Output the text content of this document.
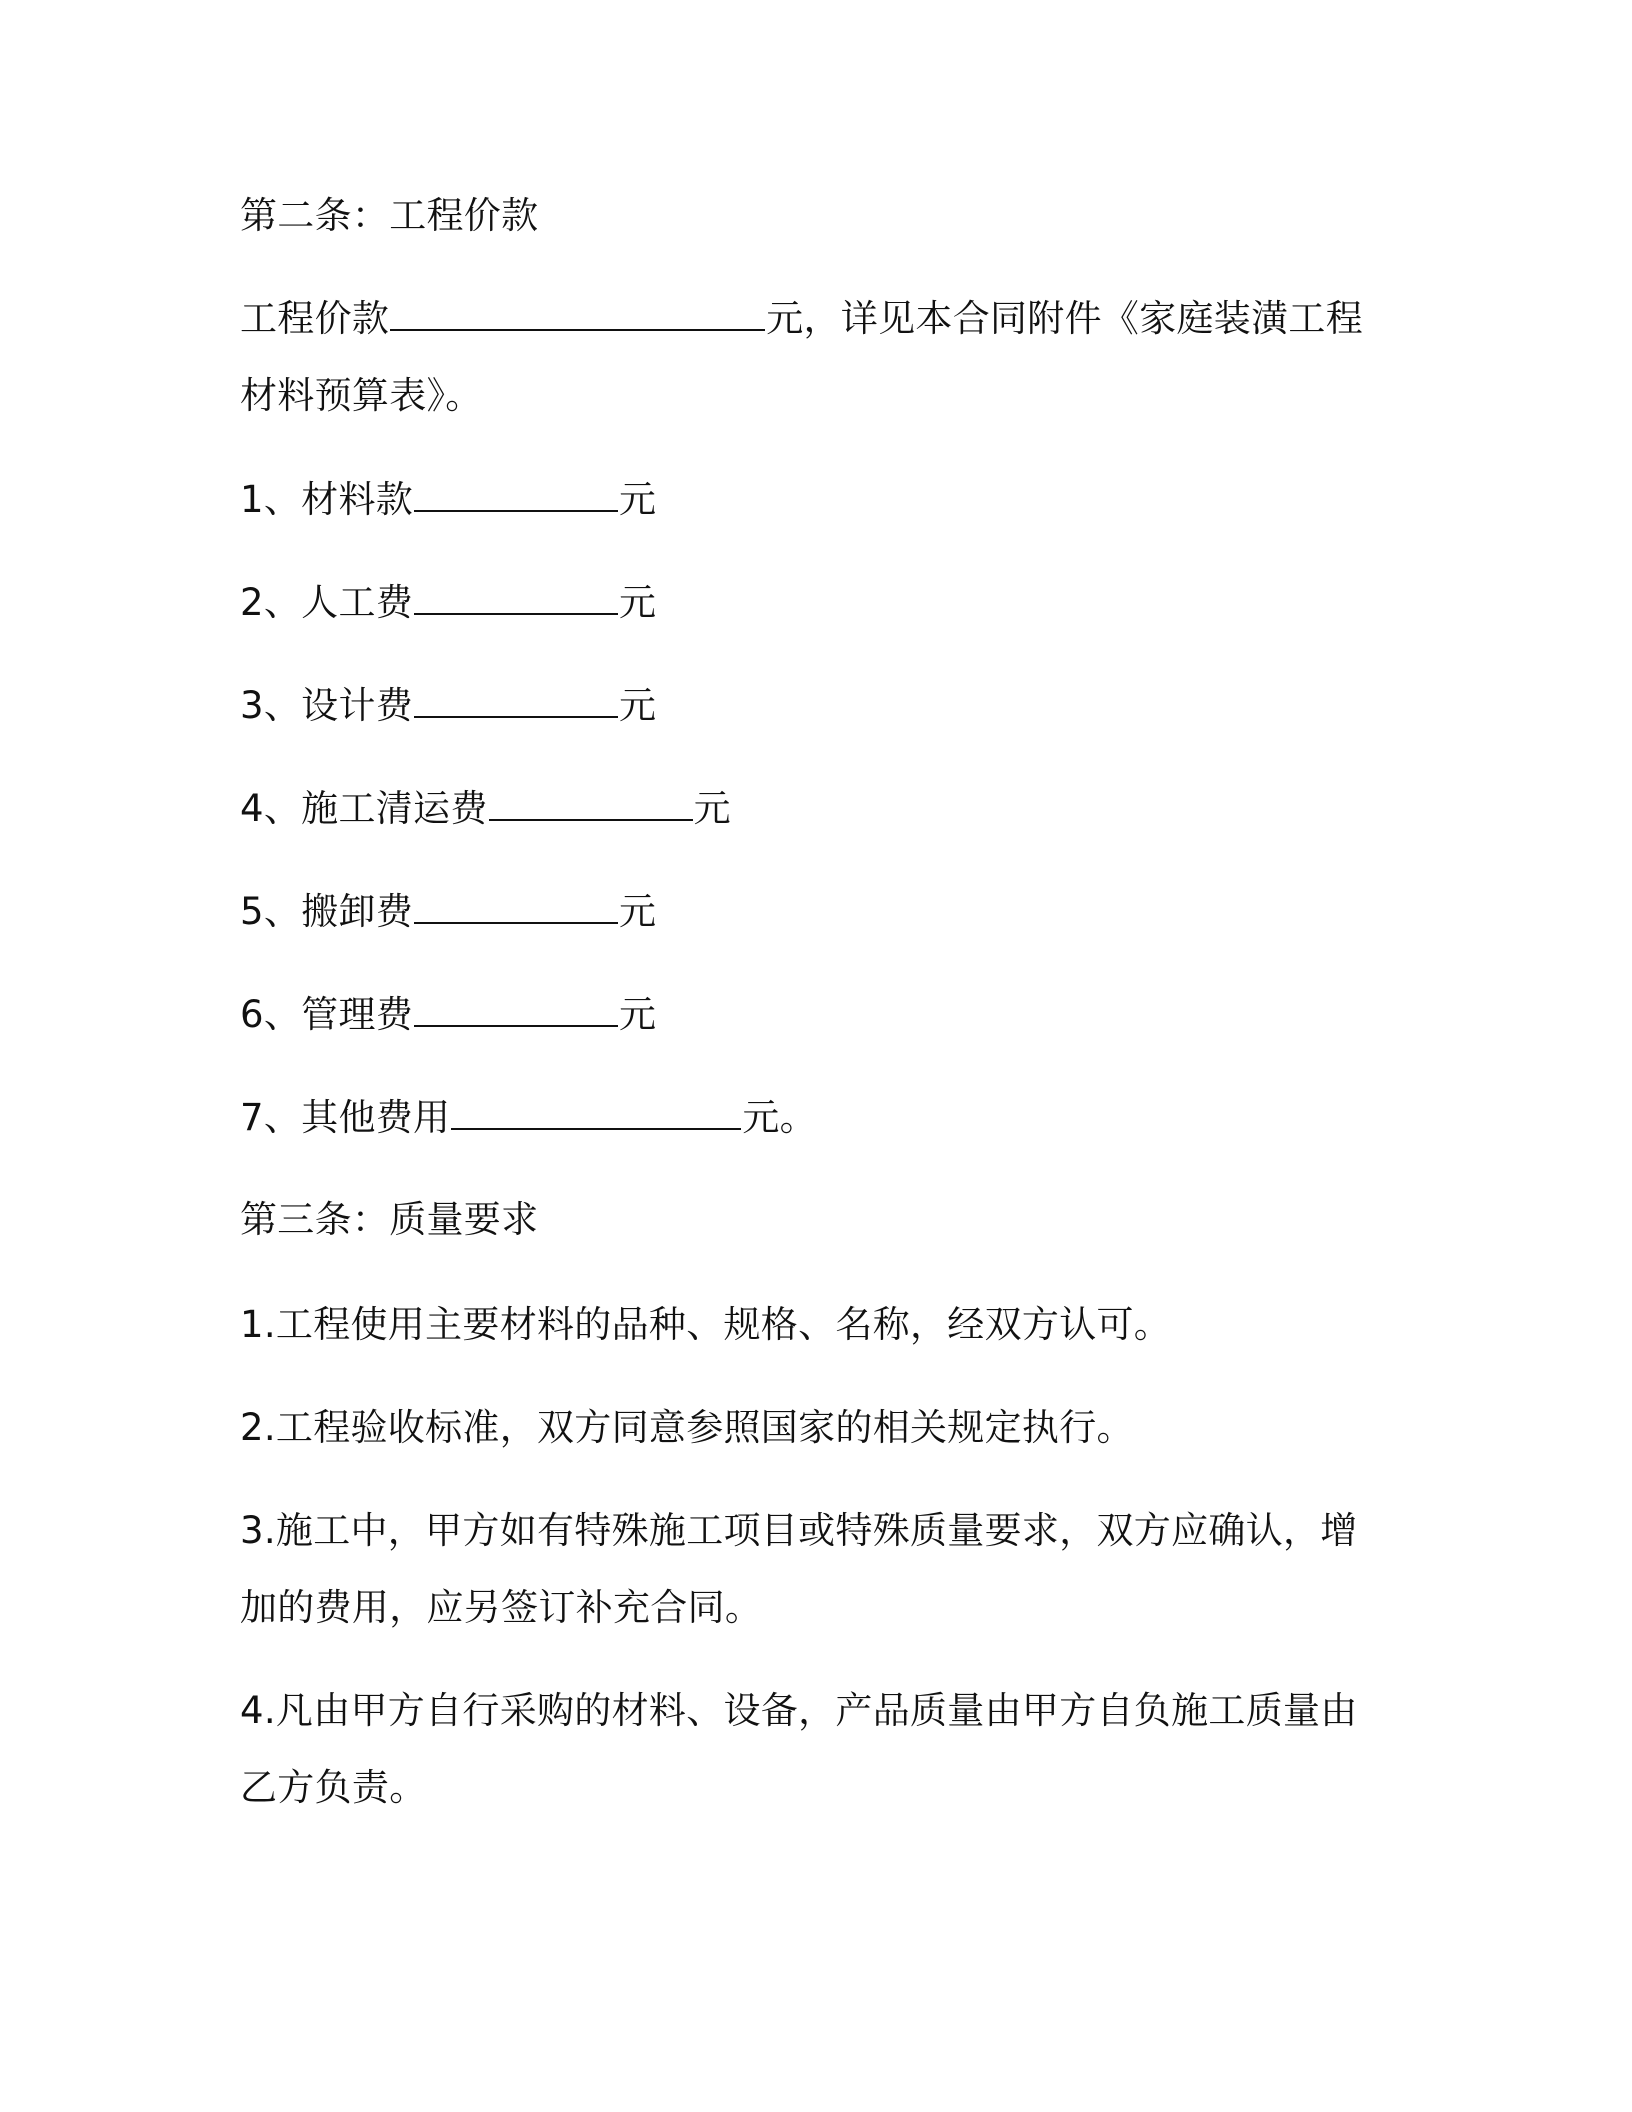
第二条：工程价款
工程价款	元，详见本合同附件《家庭装潢工程
材料预算表》。
1、材料款	元
2、人工费	元
3、设计费	元
4、施工清运费	元
5、搬卸费	元
6、管理费	元
7、其他费用	元。
第三条：质量要求
1.工程使用主要材料的品种、规格、名称，经双方认可。
2.工程验收标准，双方同意参照国家的相关规定执行。
3.施工中，甲方如有特殊施工项目或特殊质量要求，双方应确认，增
加的费用，应另签订补充合同。
4.凡由甲方自行采购的材料、设备，产品质量由甲方自负施工质量由
乙方负责。
